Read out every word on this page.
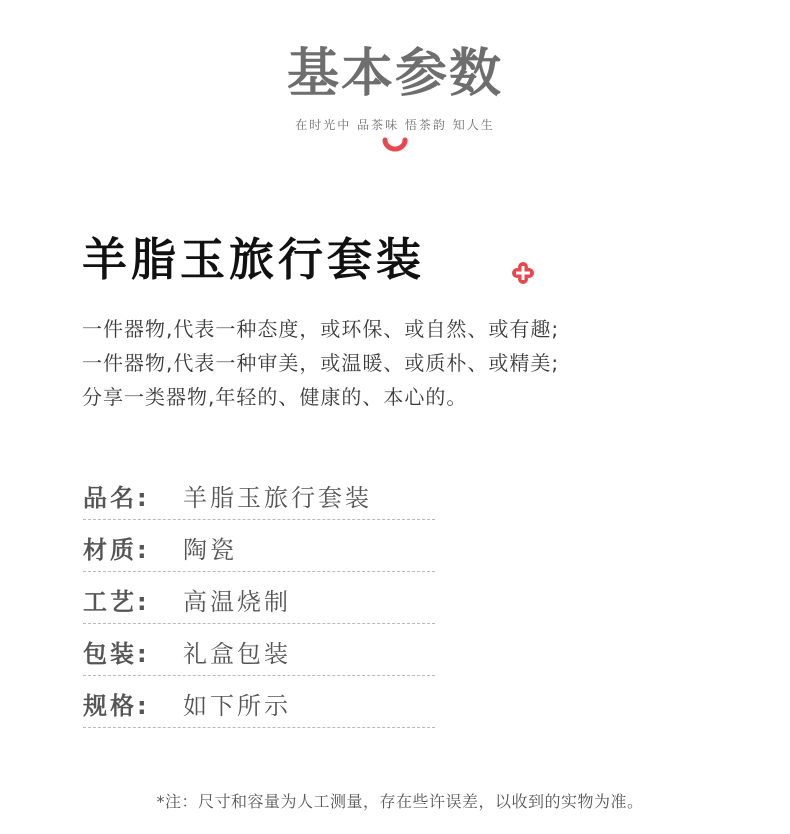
基本参数
在时光中 品茶味 悟茶韵 知人生
羊脂玉旅行套装
一件器物,代表一种态度，或环保、或自然、或有趣;
一件器物,代表一种审美，或温暖、或质朴、或精美;
分享一类器物,年轻的、健康的、本心的。
品名:	羊脂玉旅行套装
材质:	陶瓷
工艺:	高温烧制
包装:	礼盒包装
规格:	如下所示
*注：尺寸和容量为人工测量，存在些许误差，以收到的实物为准。
